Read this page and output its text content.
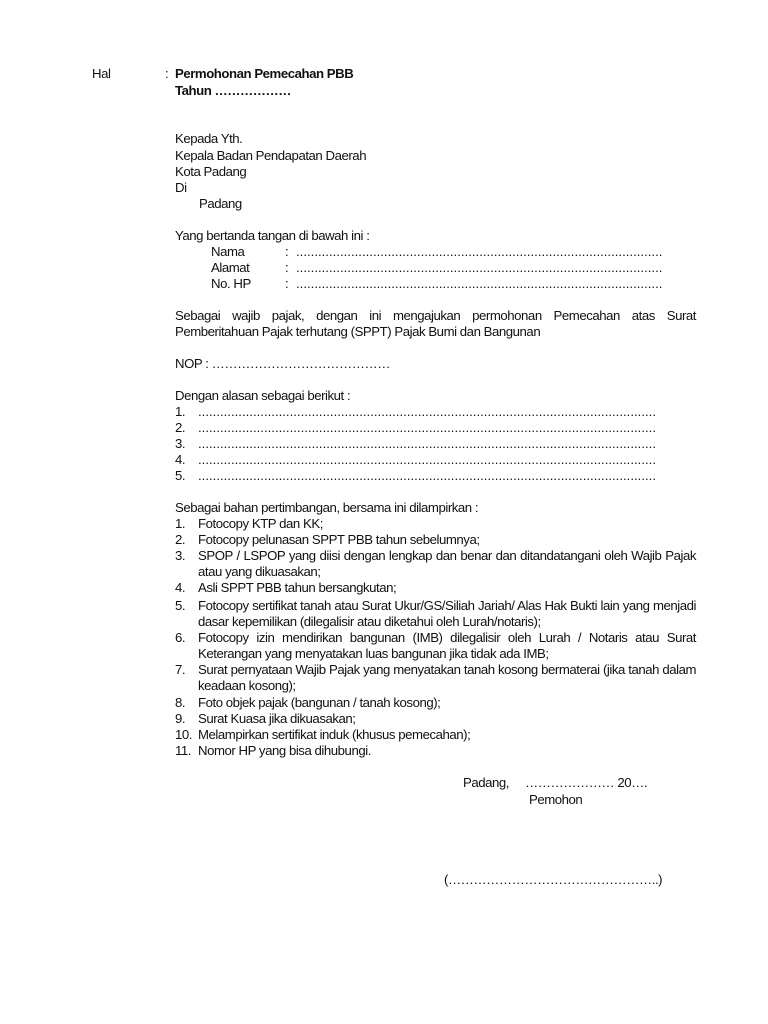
Hal	: Permohonan Pemecahan PBB
Tahun ………………
Kepada Yth.
Kepala Badan Pendapatan Daerah
Kota Padang
Di
Padang
Yang bertanda tangan di bawah ini :
Nama	: ....................................................................................................
Alamat	: ....................................................................................................
No. HP	: ....................................................................................................
Sebagai wajib pajak, dengan ini mengajukan permohonan Pemecahan atas Surat Pemberitahuan Pajak terhutang (SPPT) Pajak Bumi dan Bangunan
NOP : ……………………………………
Dengan alasan sebagai berikut :
1. .............................................................................................................................
2. .............................................................................................................................
3. .............................................................................................................................
4. .............................................................................................................................
5. .............................................................................................................................
Sebagai bahan pertimbangan, bersama ini dilampirkan :
1. Fotocopy KTP dan KK;
2. Fotocopy pelunasan SPPT PBB tahun sebelumnya;
3. SPOP / LSPOP yang diisi dengan lengkap dan benar dan ditandatangani oleh Wajib Pajak atau yang dikuasakan;
4. Asli SPPT PBB tahun bersangkutan;
5. Fotocopy sertifikat tanah atau Surat Ukur/GS/Siliah Jariah/ Alas Hak Bukti lain yang menjadi dasar kepemilikan (dilegalisir atau diketahui oleh Lurah/notaris);
6. Fotocopy izin mendirikan bangunan (IMB) dilegalisir oleh Lurah / Notaris atau Surat Keterangan yang menyatakan luas bangunan jika tidak ada IMB;
7. Surat pernyataan Wajib Pajak yang menyatakan tanah kosong bermaterai (jika tanah dalam keadaan kosong);
8. Foto objek pajak (bangunan / tanah kosong);
9. Surat Kuasa jika dikuasakan;
10. Melampirkan sertifikat induk (khusus pemecahan);
11. Nomor HP yang bisa dihubungi.
Padang, ………………… 20….
Pemohon
(…………………………………………..)
